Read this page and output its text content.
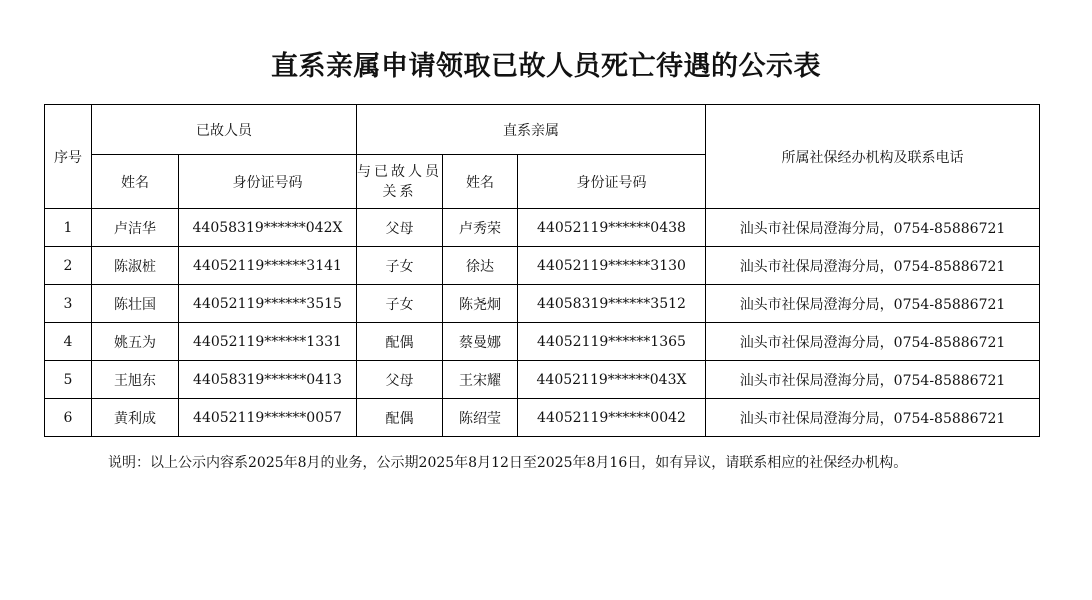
直系亲属申请领取已故人员死亡待遇的公示表
序号	已故人员		直系亲属			所属社保经办机构及联系电话
	姓名	身份证号码	与已故人员关系	姓名	身份证号码	
1	卢洁华	44058319******042X	父母	卢秀荣	44052119******0438	汕头市社保局澄海分局，0754-85886721
2	陈淑桩	44052119******3141	子女	徐达	44052119******3130	汕头市社保局澄海分局，0754-85886721
3	陈壮国	44052119******3515	子女	陈尧炯	44058319******3512	汕头市社保局澄海分局，0754-85886721
4	姚五为	44052119******1331	配偶	蔡曼娜	44052119******1365	汕头市社保局澄海分局，0754-85886721
5	王旭东	44058319******0413	父母	王宋耀	44052119******043X	汕头市社保局澄海分局，0754-85886721
6	黄利成	44052119******0057	配偶	陈绍莹	44052119******0042	汕头市社保局澄海分局，0754-85886721
说明：以上公示内容系2025年8月的业务，公示期2025年8月12日至2025年8月16日，如有异议，请联系相应的社保经办机构。
